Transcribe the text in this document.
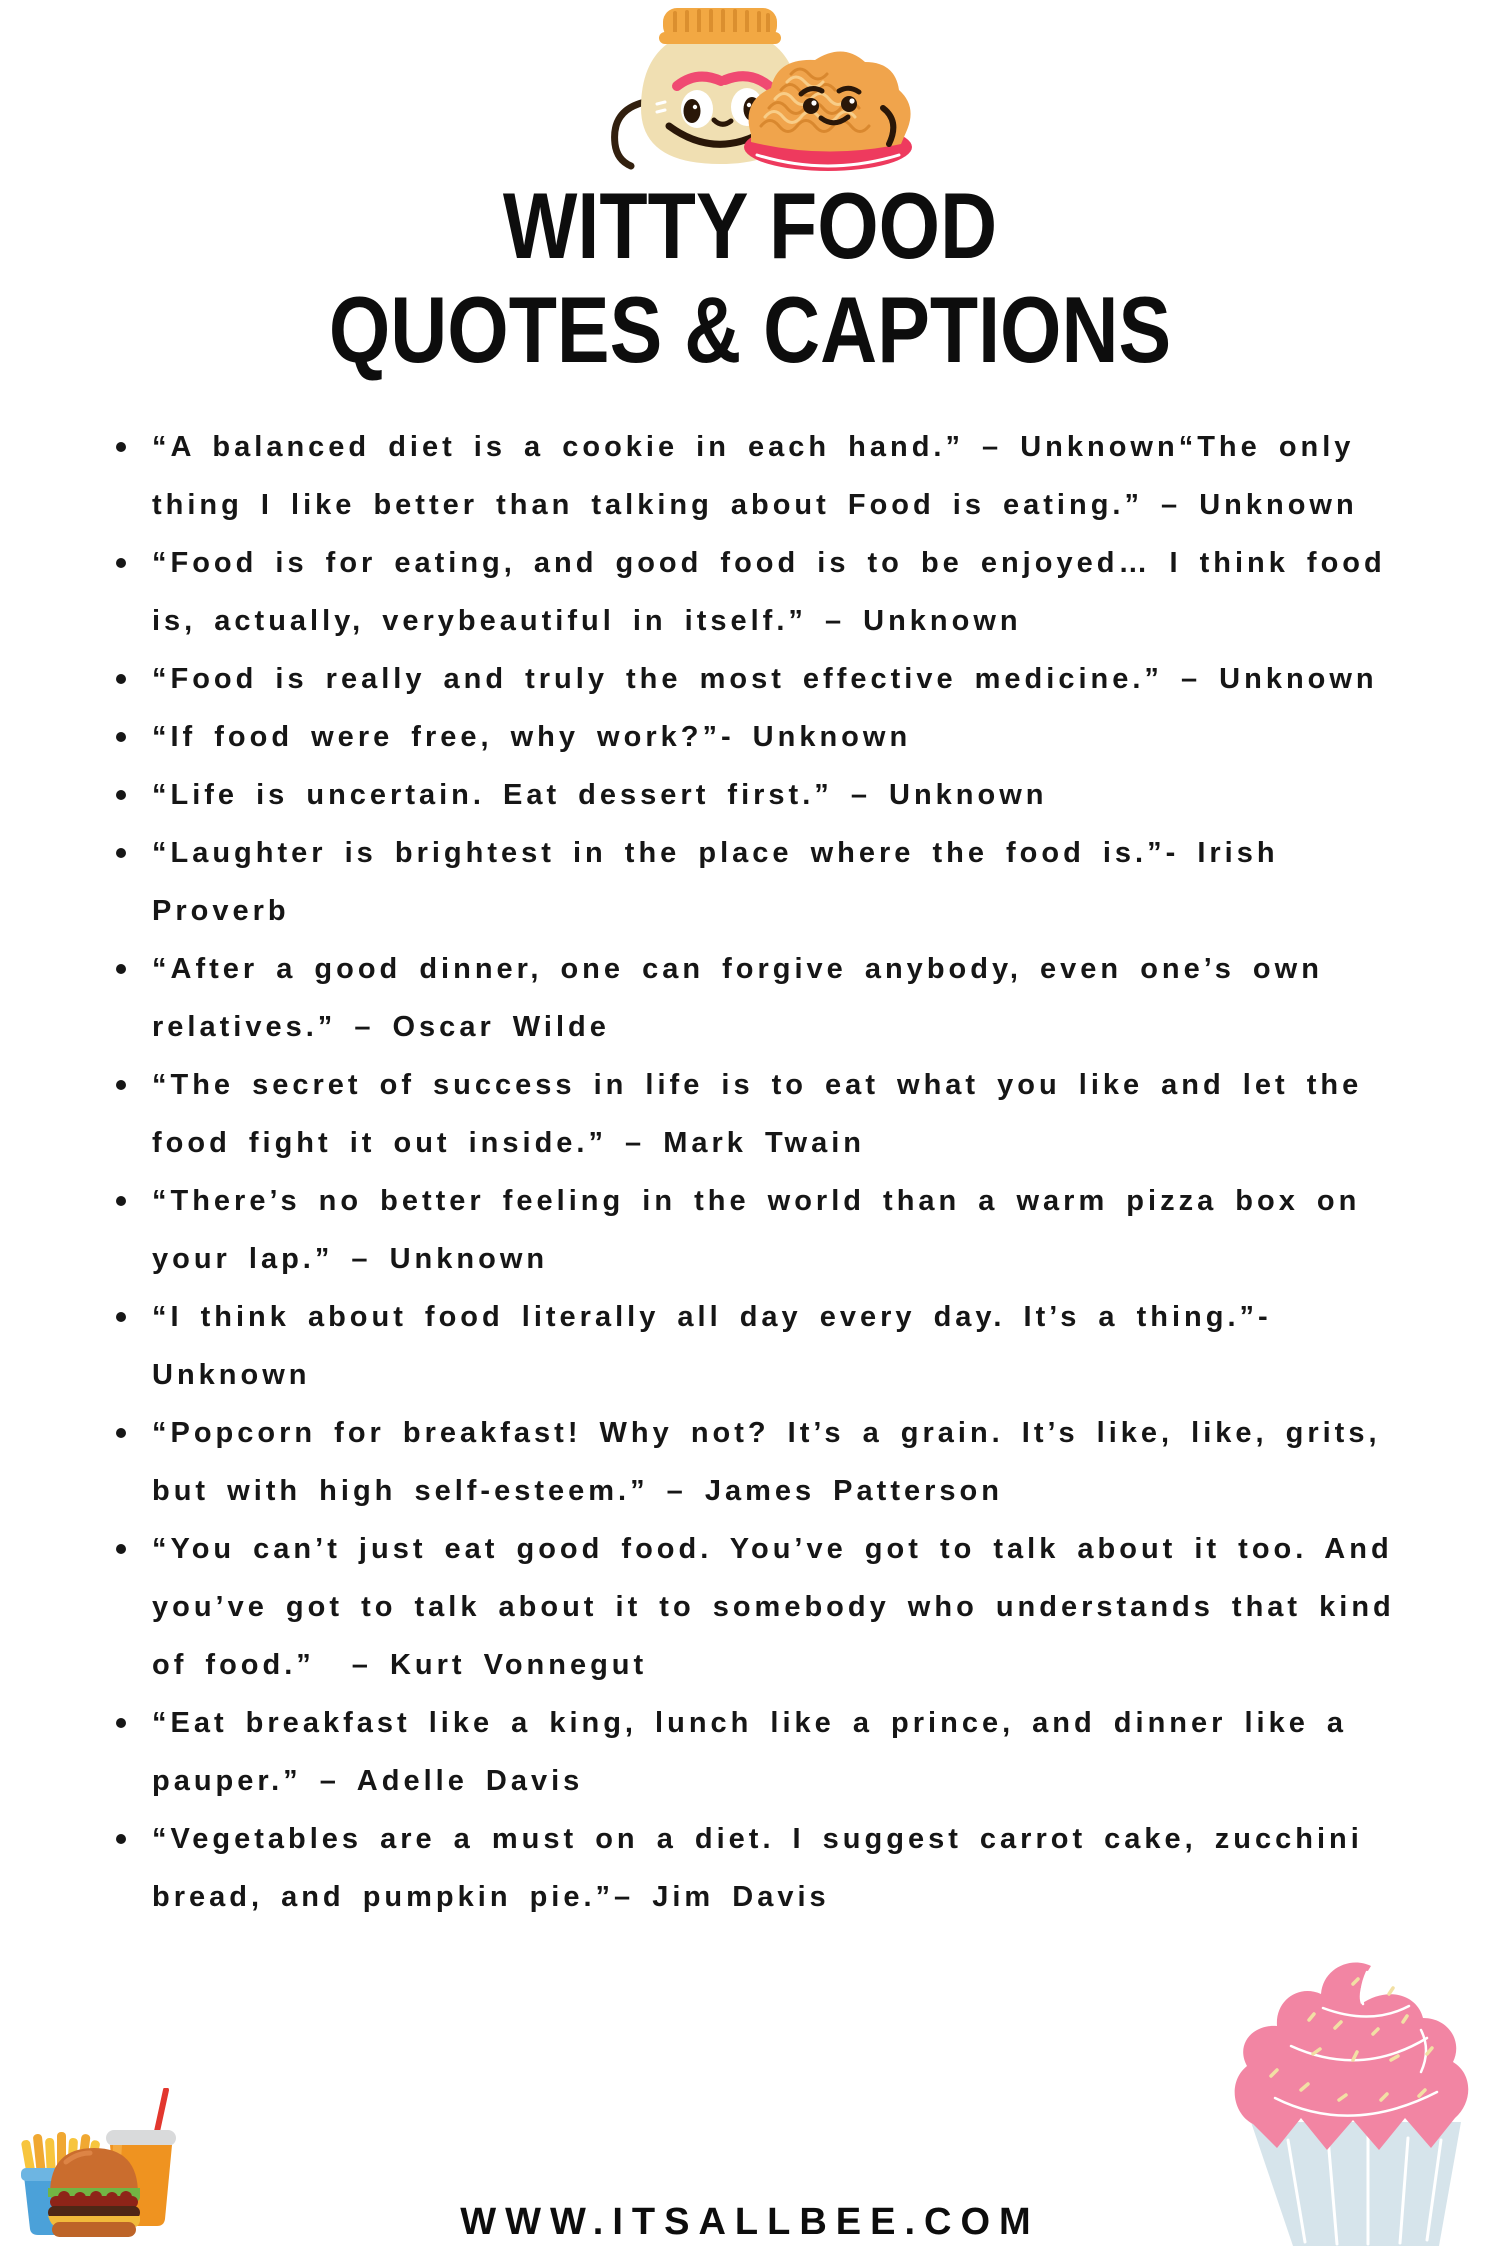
WITTY FOOD
QUOTES & CAPTIONS
“A balanced diet is a cookie in each hand.” – Unknown“The only thing I like better than talking about Food is eating.” – Unknown
“Food is for eating, and good food is to be enjoyed… I think food is, actually, verybeautiful in itself.” – Unknown
“Food is really and truly the most effective medicine.” – Unknown
“If food were free, why work?”- Unknown
“Life is uncertain. Eat dessert first.” – Unknown
“Laughter is brightest in the place where the food is.”- Irish Proverb
“After a good dinner, one can forgive anybody, even one’s own relatives.” – Oscar Wilde
“The secret of success in life is to eat what you like and let the food fight it out inside.” – Mark Twain
“There’s no better feeling in the world than a warm pizza box on your lap.” – Unknown
“I think about food literally all day every day. It’s a thing.”- Unknown
“Popcorn for breakfast! Why not? It’s a grain. It’s like, like, grits, but with high self-esteem.” – James Patterson
“You can’t just eat good food. You’ve got to talk about it too. And you’ve got to talk about it to somebody who understands that kind of food.”  – Kurt Vonnegut
“Eat breakfast like a king, lunch like a prince, and dinner like a pauper.” – Adelle Davis
“Vegetables are a must on a diet. I suggest carrot cake, zucchini bread, and pumpkin pie.”– Jim Davis
WWW.ITSALLBEE.COM
